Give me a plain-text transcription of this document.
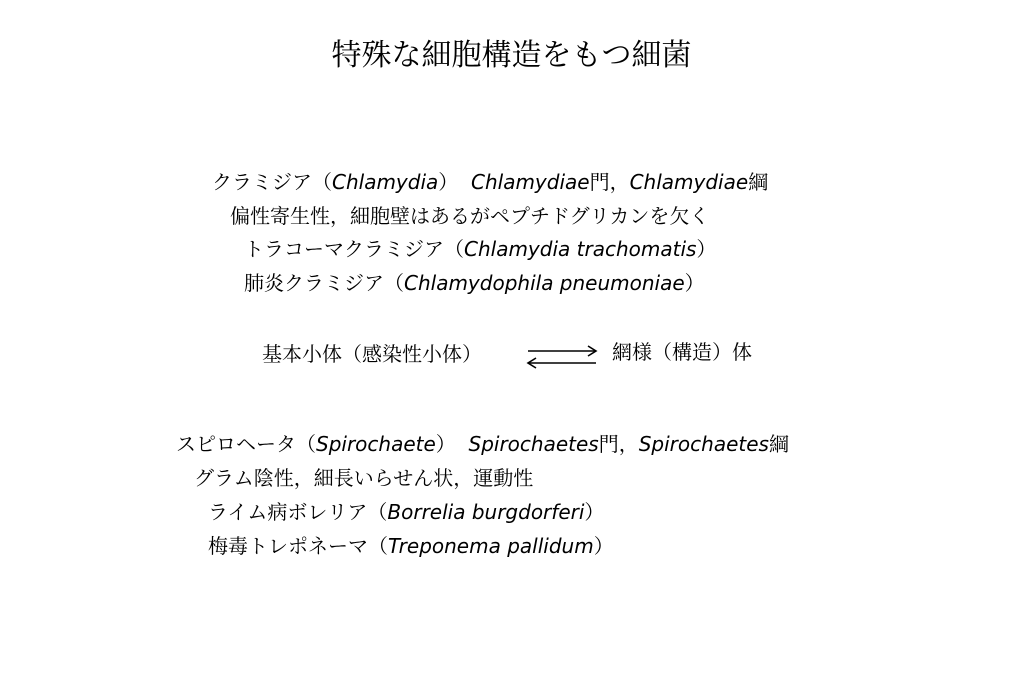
特殊な細胞構造をもつ細菌
クラミジア（Chlamydia） Chlamydiae門，Chlamydiae綱
偏性寄生性，細胞壁はあるがペプチドグリカンを欠く
トラコーマクラミジア（Chlamydia trachomatis）
肺炎クラミジア（Chlamydophila pneumoniae）
基本小体（感染性小体）	網様（構造）体
スピロヘータ（Spirochaete） Spirochaetes門，Spirochaetes綱
グラム陰性，細長いらせん状，運動性
ライム病ボレリア（Borrelia burgdorferi）
梅毒トレポネーマ（Treponema pallidum）
